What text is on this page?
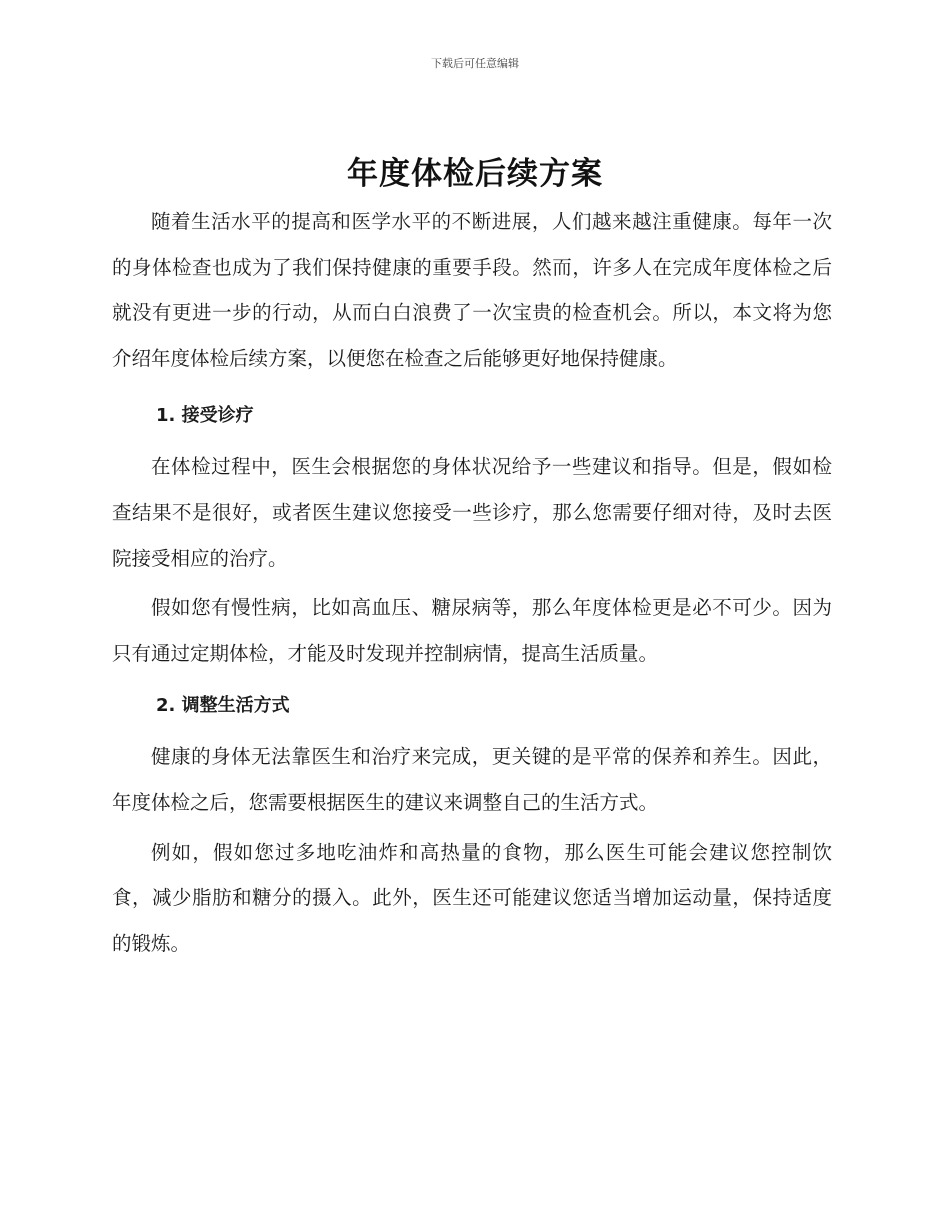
下载后可任意编辑
年度体检后续方案

随着生活水平的提高和医学水平的不断进展，人们越来越注重健康。每年一次的身体检查也成为了我们保持健康的重要手段。然而，许多人在完成年度体检之后就没有更进一步的行动，从而白白浪费了一次宝贵的检查机会。所以，本文将为您介绍年度体检后续方案，以便您在检查之后能够更好地保持健康。

1. 接受诊疗

在体检过程中，医生会根据您的身体状况给予一些建议和指导。但是，假如检查结果不是很好，或者医生建议您接受一些诊疗，那么您需要仔细对待，及时去医院接受相应的治疗。

假如您有慢性病，比如高血压、糖尿病等，那么年度体检更是必不可少。因为只有通过定期体检，才能及时发现并控制病情，提高生活质量。

2. 调整生活方式

健康的身体无法靠医生和治疗来完成，更关键的是平常的保养和养生。因此，年度体检之后，您需要根据医生的建议来调整自己的生活方式。

例如，假如您过多地吃油炸和高热量的食物，那么医生可能会建议您控制饮食，减少脂肪和糖分的摄入。此外，医生还可能建议您适当增加运动量，保持适度的锻炼。
